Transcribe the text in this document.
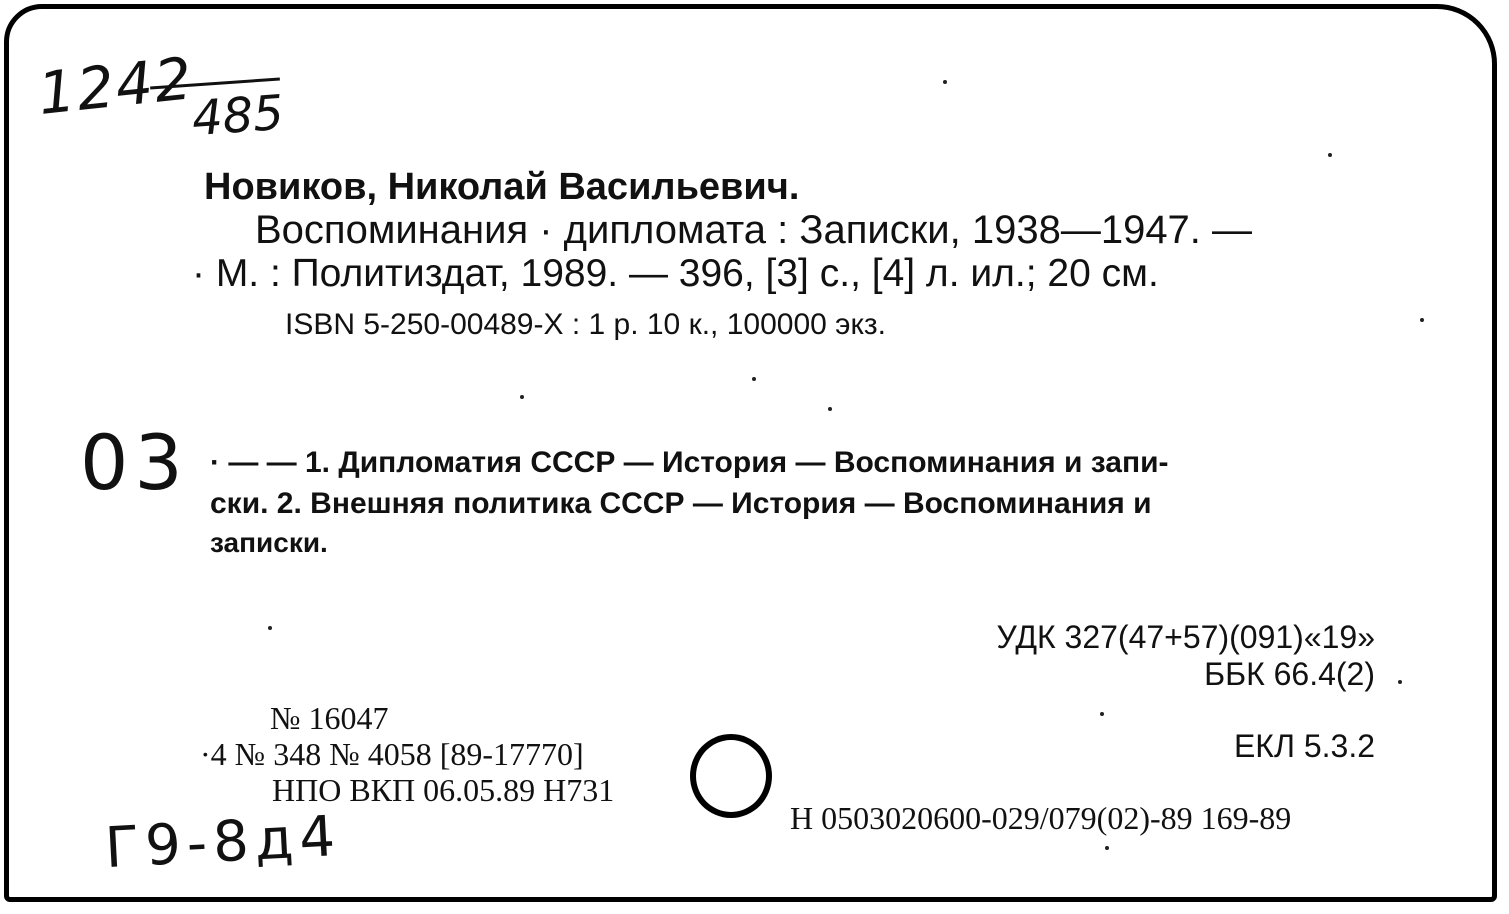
1242
485
Новиков, Николай Васильевич.
Воспоминания · дипломата : Записки, 1938—1947. —
· М. : Политиздат, 1989. — 396, [3] с., [4] л. ил.; 20 см.
ISBN 5-250-00489-X : 1 р. 10 к., 100000 экз.
03 · — — 1. Дипломатия СССР — История — Воспоминания и запи-
ски. 2. Внешняя политика СССР — История — Воспоминания и
записки.
УДК 327(47+57)(091)«19»
ББК 66.4(2)
ЕКЛ 5.3.2
№ 16047
·4 № 348 № 4058 [89-17770]
НПО ВКП 06.05.89 Н731
Н 0503020600-029/079(02)-89 169-89
Г9-8д4
